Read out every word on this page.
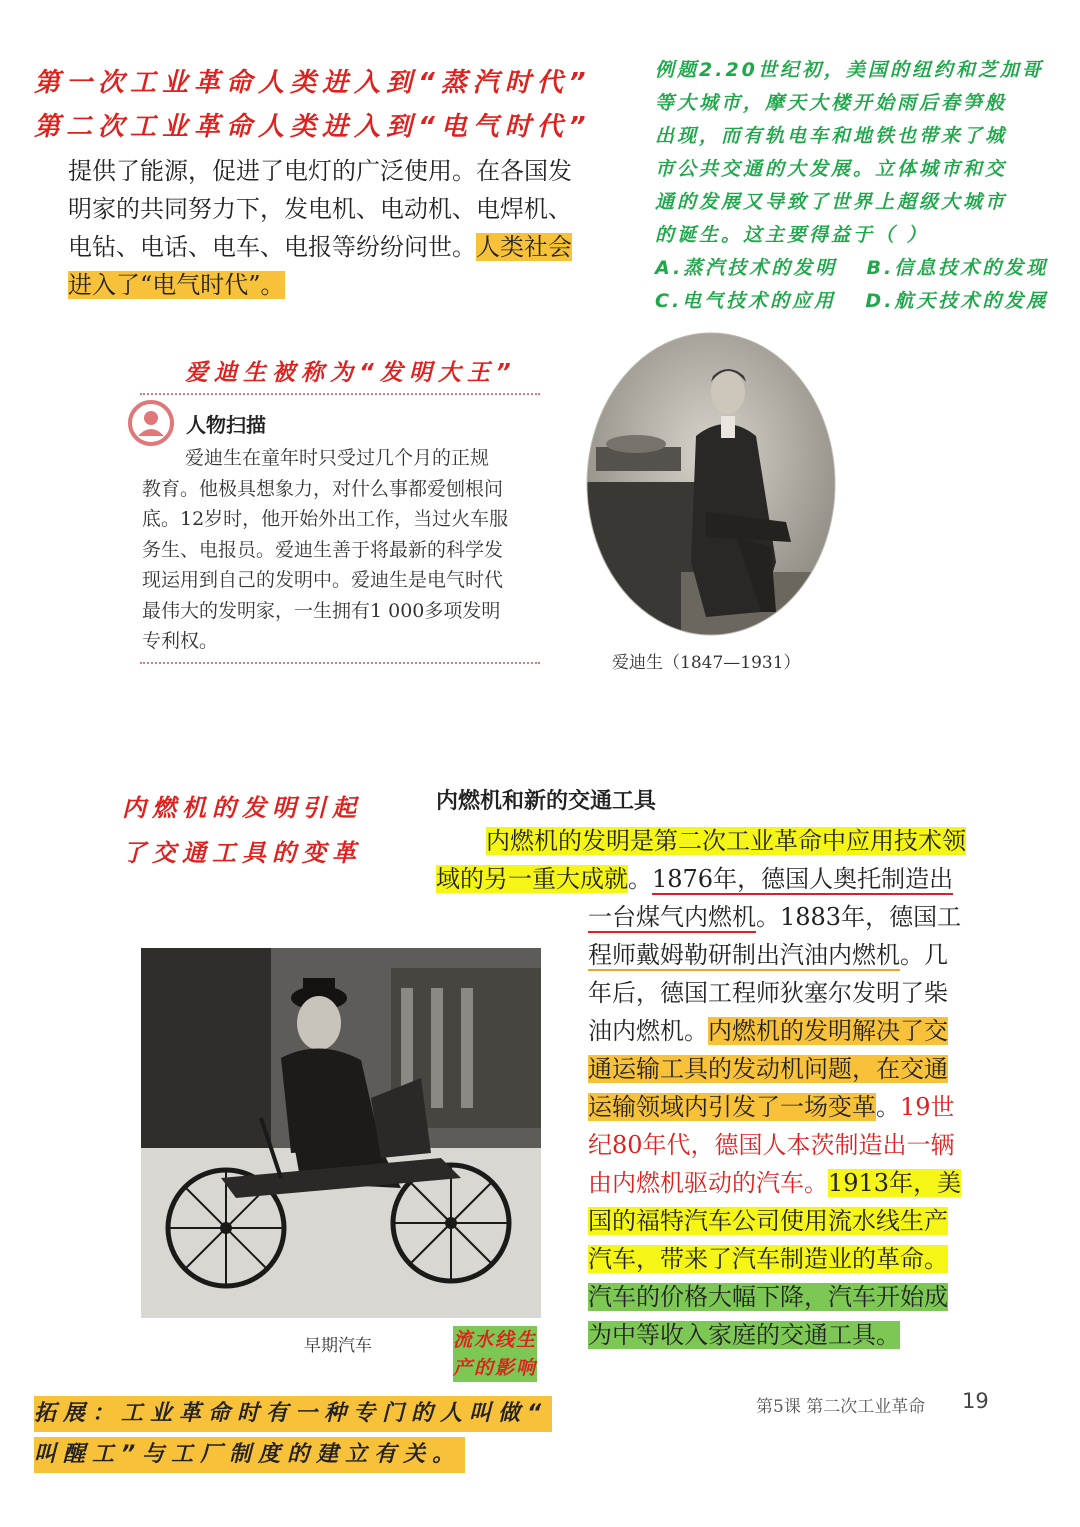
第一次工业革命人类进入到“蒸汽时代”
第二次工业革命人类进入到“电气时代”
例题2.20世纪初，美国的纽约和芝加哥
等大城市，摩天大楼开始雨后春笋般
出现，而有轨电车和地铁也带来了城
市公共交通的大发展。立体城市和交
通的发展又导致了世界上超级大城市
的诞生。这主要得益于（ ）
A.蒸汽技术的发明 B.信息技术的发现
C.电气技术的应用 D.航天技术的发展
提供了能源，促进了电灯的广泛使用。在各国发
明家的共同努力下，发电机、电动机、电焊机、
电钻、电话、电车、电报等纷纷问世。人类社会
进入了“电气时代”。
爱迪生被称为“发明大王”
人物扫描
爱迪生在童年时只受过几个月的正规
教育。他极具想象力，对什么事都爱刨根问
底。12岁时，他开始外出工作，当过火车服
务生、电报员。爱迪生善于将最新的科学发
现运用到自己的发明中。爱迪生是电气时代
最伟大的发明家，一生拥有1 000多项发明
专利权。
爱迪生（1847—1931）
内燃机的发明引起
了交通工具的变革
内燃机和新的交通工具
内燃机的发明是第二次工业革命中应用技术领
域的另一重大成就。1876年，德国人奥托制造出
一台煤气内燃机。1883年，德国工
程师戴姆勒研制出汽油内燃机。几
年后，德国工程师狄塞尔发明了柴
油内燃机。内燃机的发明解决了交
通运输工具的发动机问题，在交通
运输领域内引发了一场变革。19世
纪80年代，德国人本茨制造出一辆
由内燃机驱动的汽车。1913年，美
国的福特汽车公司使用流水线生产
汽车，带来了汽车制造业的革命。
汽车的价格大幅下降，汽车开始成
为中等收入家庭的交通工具。
早期汽车	流水线生 产的影响
拓展：工业革命时有一种专门的人叫做“
叫醒工”与工厂制度的建立有关。
第5课 第二次工业革命 19
